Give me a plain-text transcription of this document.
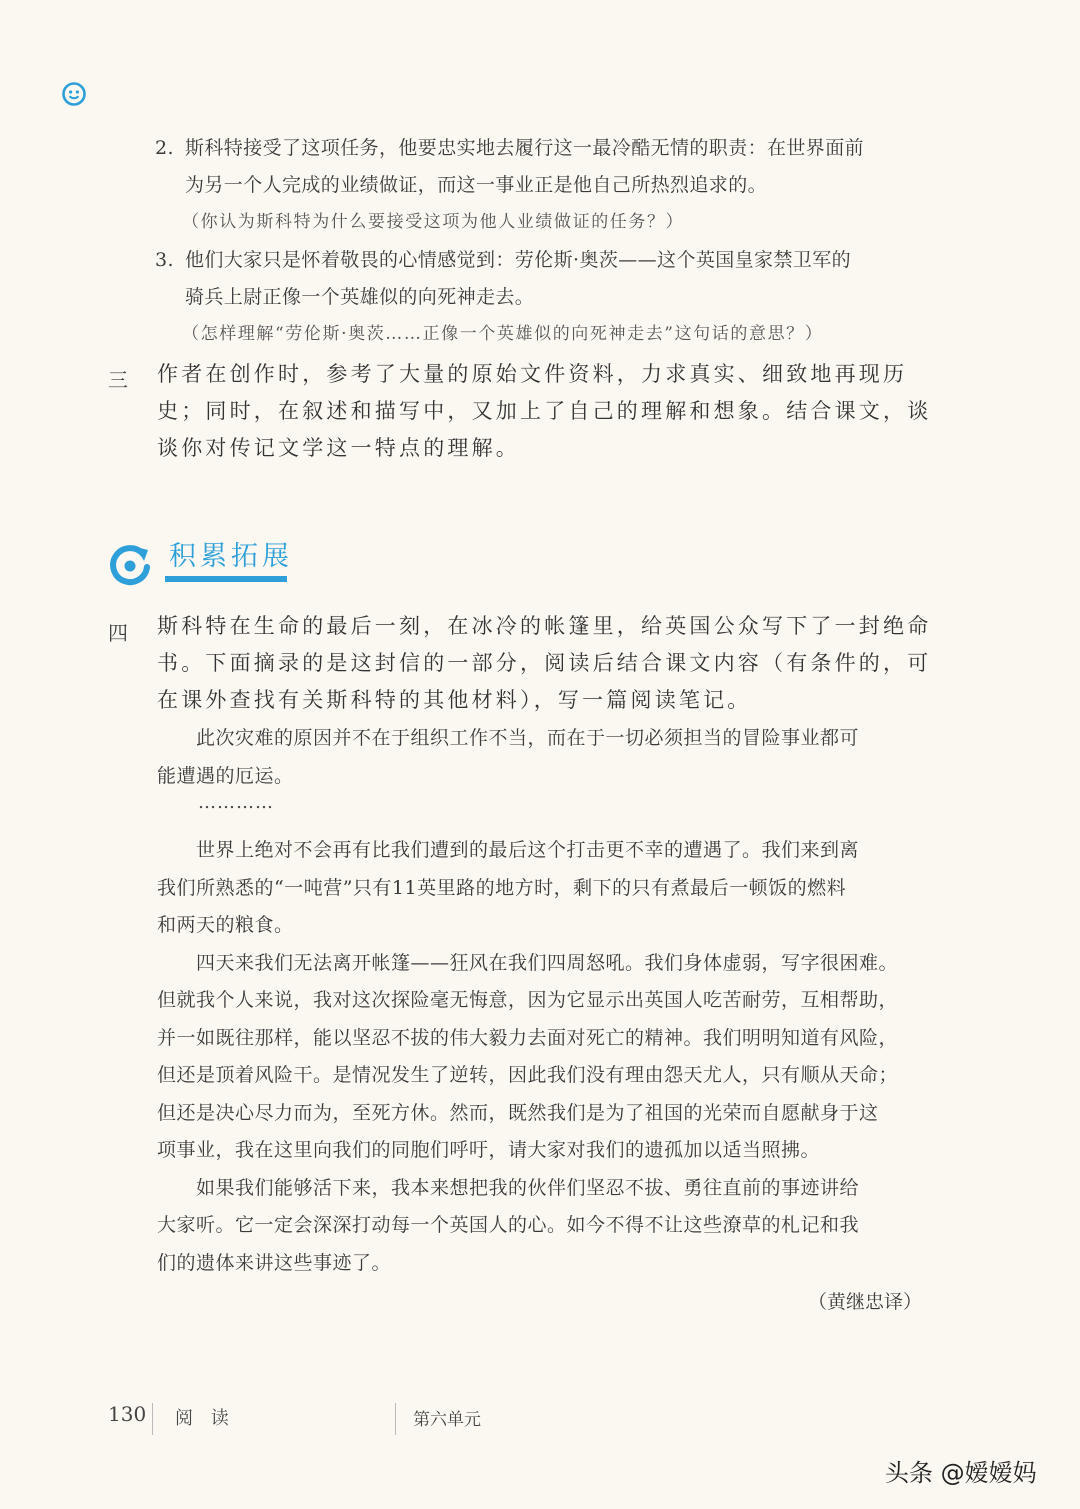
2. 斯科特接受了这项任务，他要忠实地去履行这一最冷酷无情的职责：在世界面前
为另一个人完成的业绩做证，而这一事业正是他自己所热烈追求的。
（你认为斯科特为什么要接受这项为他人业绩做证的任务？）
3. 他们大家只是怀着敬畏的心情感觉到：劳伦斯·奥茨——这个英国皇家禁卫军的
骑兵上尉正像一个英雄似的向死神走去。
（怎样理解“劳伦斯·奥茨……正像一个英雄似的向死神走去”这句话的意思？）
三 作者在创作时，参考了大量的原始文件资料，力求真实、细致地再现历
史；同时，在叙述和描写中，又加上了自己的理解和想象。结合课文，谈
谈你对传记文学这一特点的理解。
积累拓展
四 斯科特在生命的最后一刻，在冰冷的帐篷里，给英国公众写下了一封绝命
书。下面摘录的是这封信的一部分，阅读后结合课文内容（有条件的，可
在课外查找有关斯科特的其他材料），写一篇阅读笔记。
　　此次灾难的原因并不在于组织工作不当，而在于一切必须担当的冒险事业都可
能遭遇的厄运。
…………
　　世界上绝对不会再有比我们遭到的最后这个打击更不幸的遭遇了。我们来到离
我们所熟悉的“一吨营”只有11英里路的地方时，剩下的只有煮最后一顿饭的燃料
和两天的粮食。
　　四天来我们无法离开帐篷——狂风在我们四周怒吼。我们身体虚弱，写字很困难。
但就我个人来说，我对这次探险毫无悔意，因为它显示出英国人吃苦耐劳，互相帮助，
并一如既往那样，能以坚忍不拔的伟大毅力去面对死亡的精神。我们明明知道有风险，
但还是顶着风险干。是情况发生了逆转，因此我们没有理由怨天尤人，只有顺从天命；
但还是决心尽力而为，至死方休。然而，既然我们是为了祖国的光荣而自愿献身于这
项事业，我在这里向我们的同胞们呼吁，请大家对我们的遗孤加以适当照拂。
　　如果我们能够活下来，我本来想把我的伙伴们坚忍不拔、勇往直前的事迹讲给
大家听。它一定会深深打动每一个英国人的心。如今不得不让这些潦草的札记和我
们的遗体来讲这些事迹了。
（黄继忠译）
130 阅 读	第六单元
头条 @嫒嫒妈
